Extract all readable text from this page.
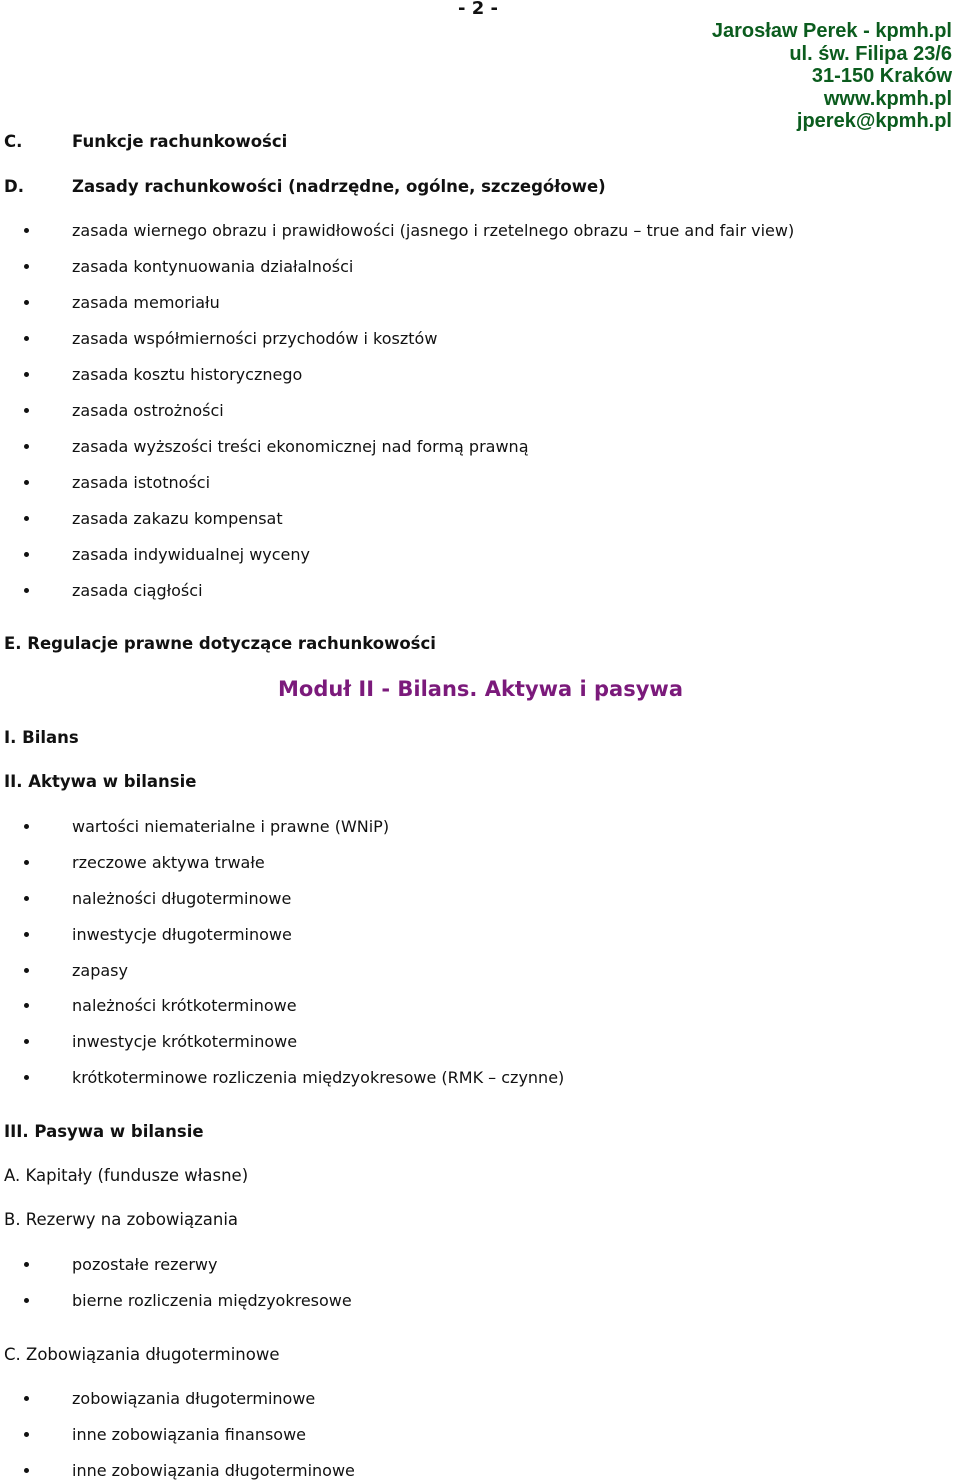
- 2 -
Jarosław Perek - kpmh.pl
ul. św. Filipa 23/6
31-150 Kraków
www.kpmh.pl
jperek@kpmh.pl
C.	Funkcje rachunkowości
D.	Zasady rachunkowości (nadrzędne, ogólne, szczegółowe)
zasada wiernego obrazu i prawidłowości (jasnego i rzetelnego obrazu – true and fair view)
zasada kontynuowania działalności
zasada memoriału
zasada współmierności przychodów i kosztów
zasada kosztu historycznego
zasada ostrożności
zasada wyższości treści ekonomicznej nad formą prawną
zasada istotności
zasada zakazu kompensat
zasada indywidualnej wyceny
zasada ciągłości
E. Regulacje prawne dotyczące rachunkowości
Moduł II - Bilans. Aktywa i pasywa
I. Bilans
II. Aktywa w bilansie
wartości niematerialne i prawne (WNiP)
rzeczowe aktywa trwałe
należności długoterminowe
inwestycje długoterminowe
zapasy
należności krótkoterminowe
inwestycje krótkoterminowe
krótkoterminowe rozliczenia międzyokresowe (RMK – czynne)
III. Pasywa w bilansie
A. Kapitały (fundusze własne)
B. Rezerwy na zobowiązania
pozostałe rezerwy
bierne rozliczenia międzyokresowe
C. Zobowiązania długoterminowe
zobowiązania długoterminowe
inne zobowiązania finansowe
inne zobowiązania długoterminowe
